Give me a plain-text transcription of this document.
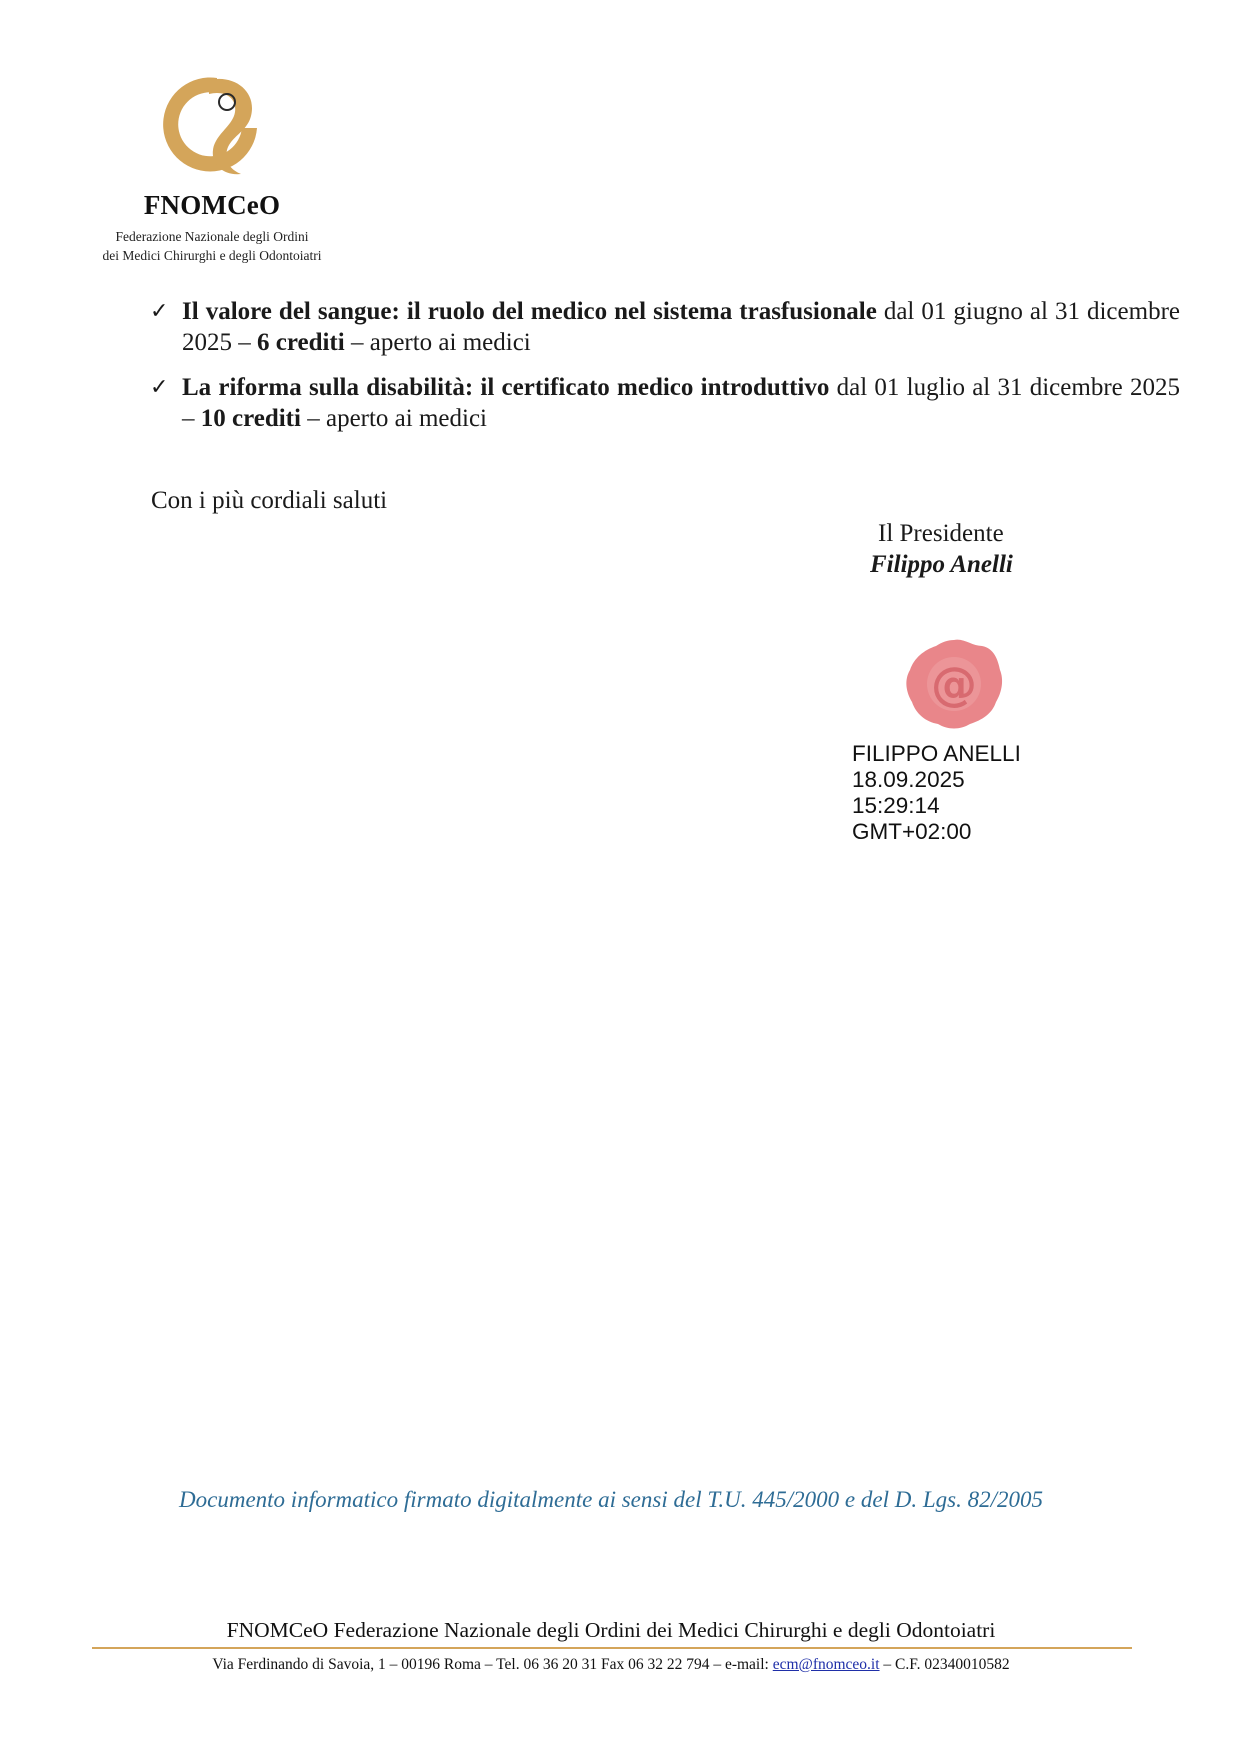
FNOMCeO
Federazione Nazionale degli Ordini
dei Medici Chirurghi e degli Odontoiatri
✓ Il valore del sangue: il ruolo del medico nel sistema trasfusionale dal 01 giugno al 31 dicembre 2025 – 6 crediti – aperto ai medici
✓ La riforma sulla disabilità: il certificato medico introduttivo dal 01 luglio al 31 dicembre 2025 – 10 crediti – aperto ai medici
Con i più cordiali saluti
Il Presidente
Filippo Anelli
@
FILIPPO ANELLI
18.09.2025
15:29:14
GMT+02:00
Documento informatico firmato digitalmente ai sensi del T.U. 445/2000 e del D. Lgs. 82/2005
FNOMCeO Federazione Nazionale degli Ordini dei Medici Chirurghi e degli Odontoiatri
Via Ferdinando di Savoia, 1 – 00196 Roma – Tel. 06 36 20 31 Fax 06 32 22 794 – e-mail: ecm@fnomceo.it – C.F. 02340010582
